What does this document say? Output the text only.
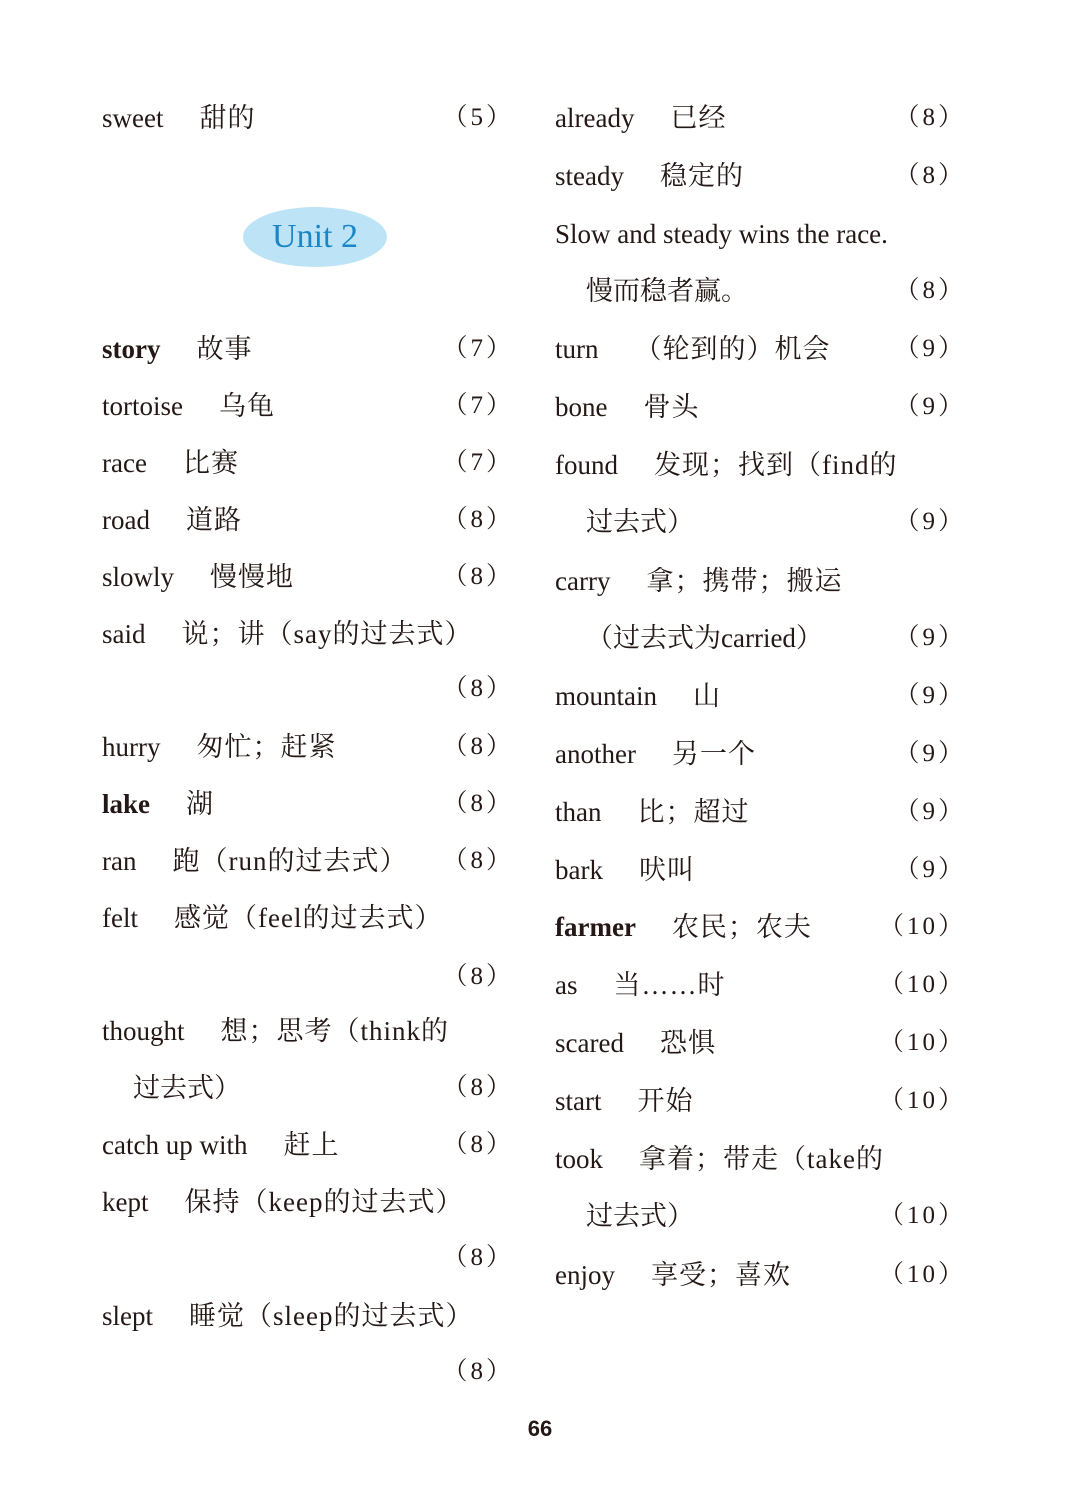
sweet 甜的	（5）
Unit 2
story 故事	（7）
tortoise 乌龟	（7）
race 比赛	（7）
road 道路	（8）
slowly 慢慢地	（8）
said 说；讲（say的过去式）
（8）
hurry 匆忙；赶紧	（8）
lake 湖	（8）
ran 跑（run的过去式） （8）
felt 感觉（feel的过去式）
（8）
thought 想；思考（think的
过去式）	（8）
catch up with 赶上	（8）
kept 保持（keep的过去式）
（8）
slept 睡觉（sleep的过去式）
（8）
already 已经	（8）
steady 稳定的	（8）
Slow and steady wins the race.
慢而稳者赢。	（8）
turn （轮到的）机会	（9）
bone 骨头	（9）
found 发现；找到（find的
过去式）	（9）
carry 拿；携带；搬运
（过去式为carried）	（9）
mountain 山	（9）
another 另一个	（9）
than 比；超过	（9）
bark 吠叫	（9）
farmer 农民；农夫	（10）
as 当……时	（10）
scared 恐惧	（10）
start 开始	（10）
took 拿着；带走（take的
过去式）	（10）
enjoy 享受；喜欢	（10）
66
